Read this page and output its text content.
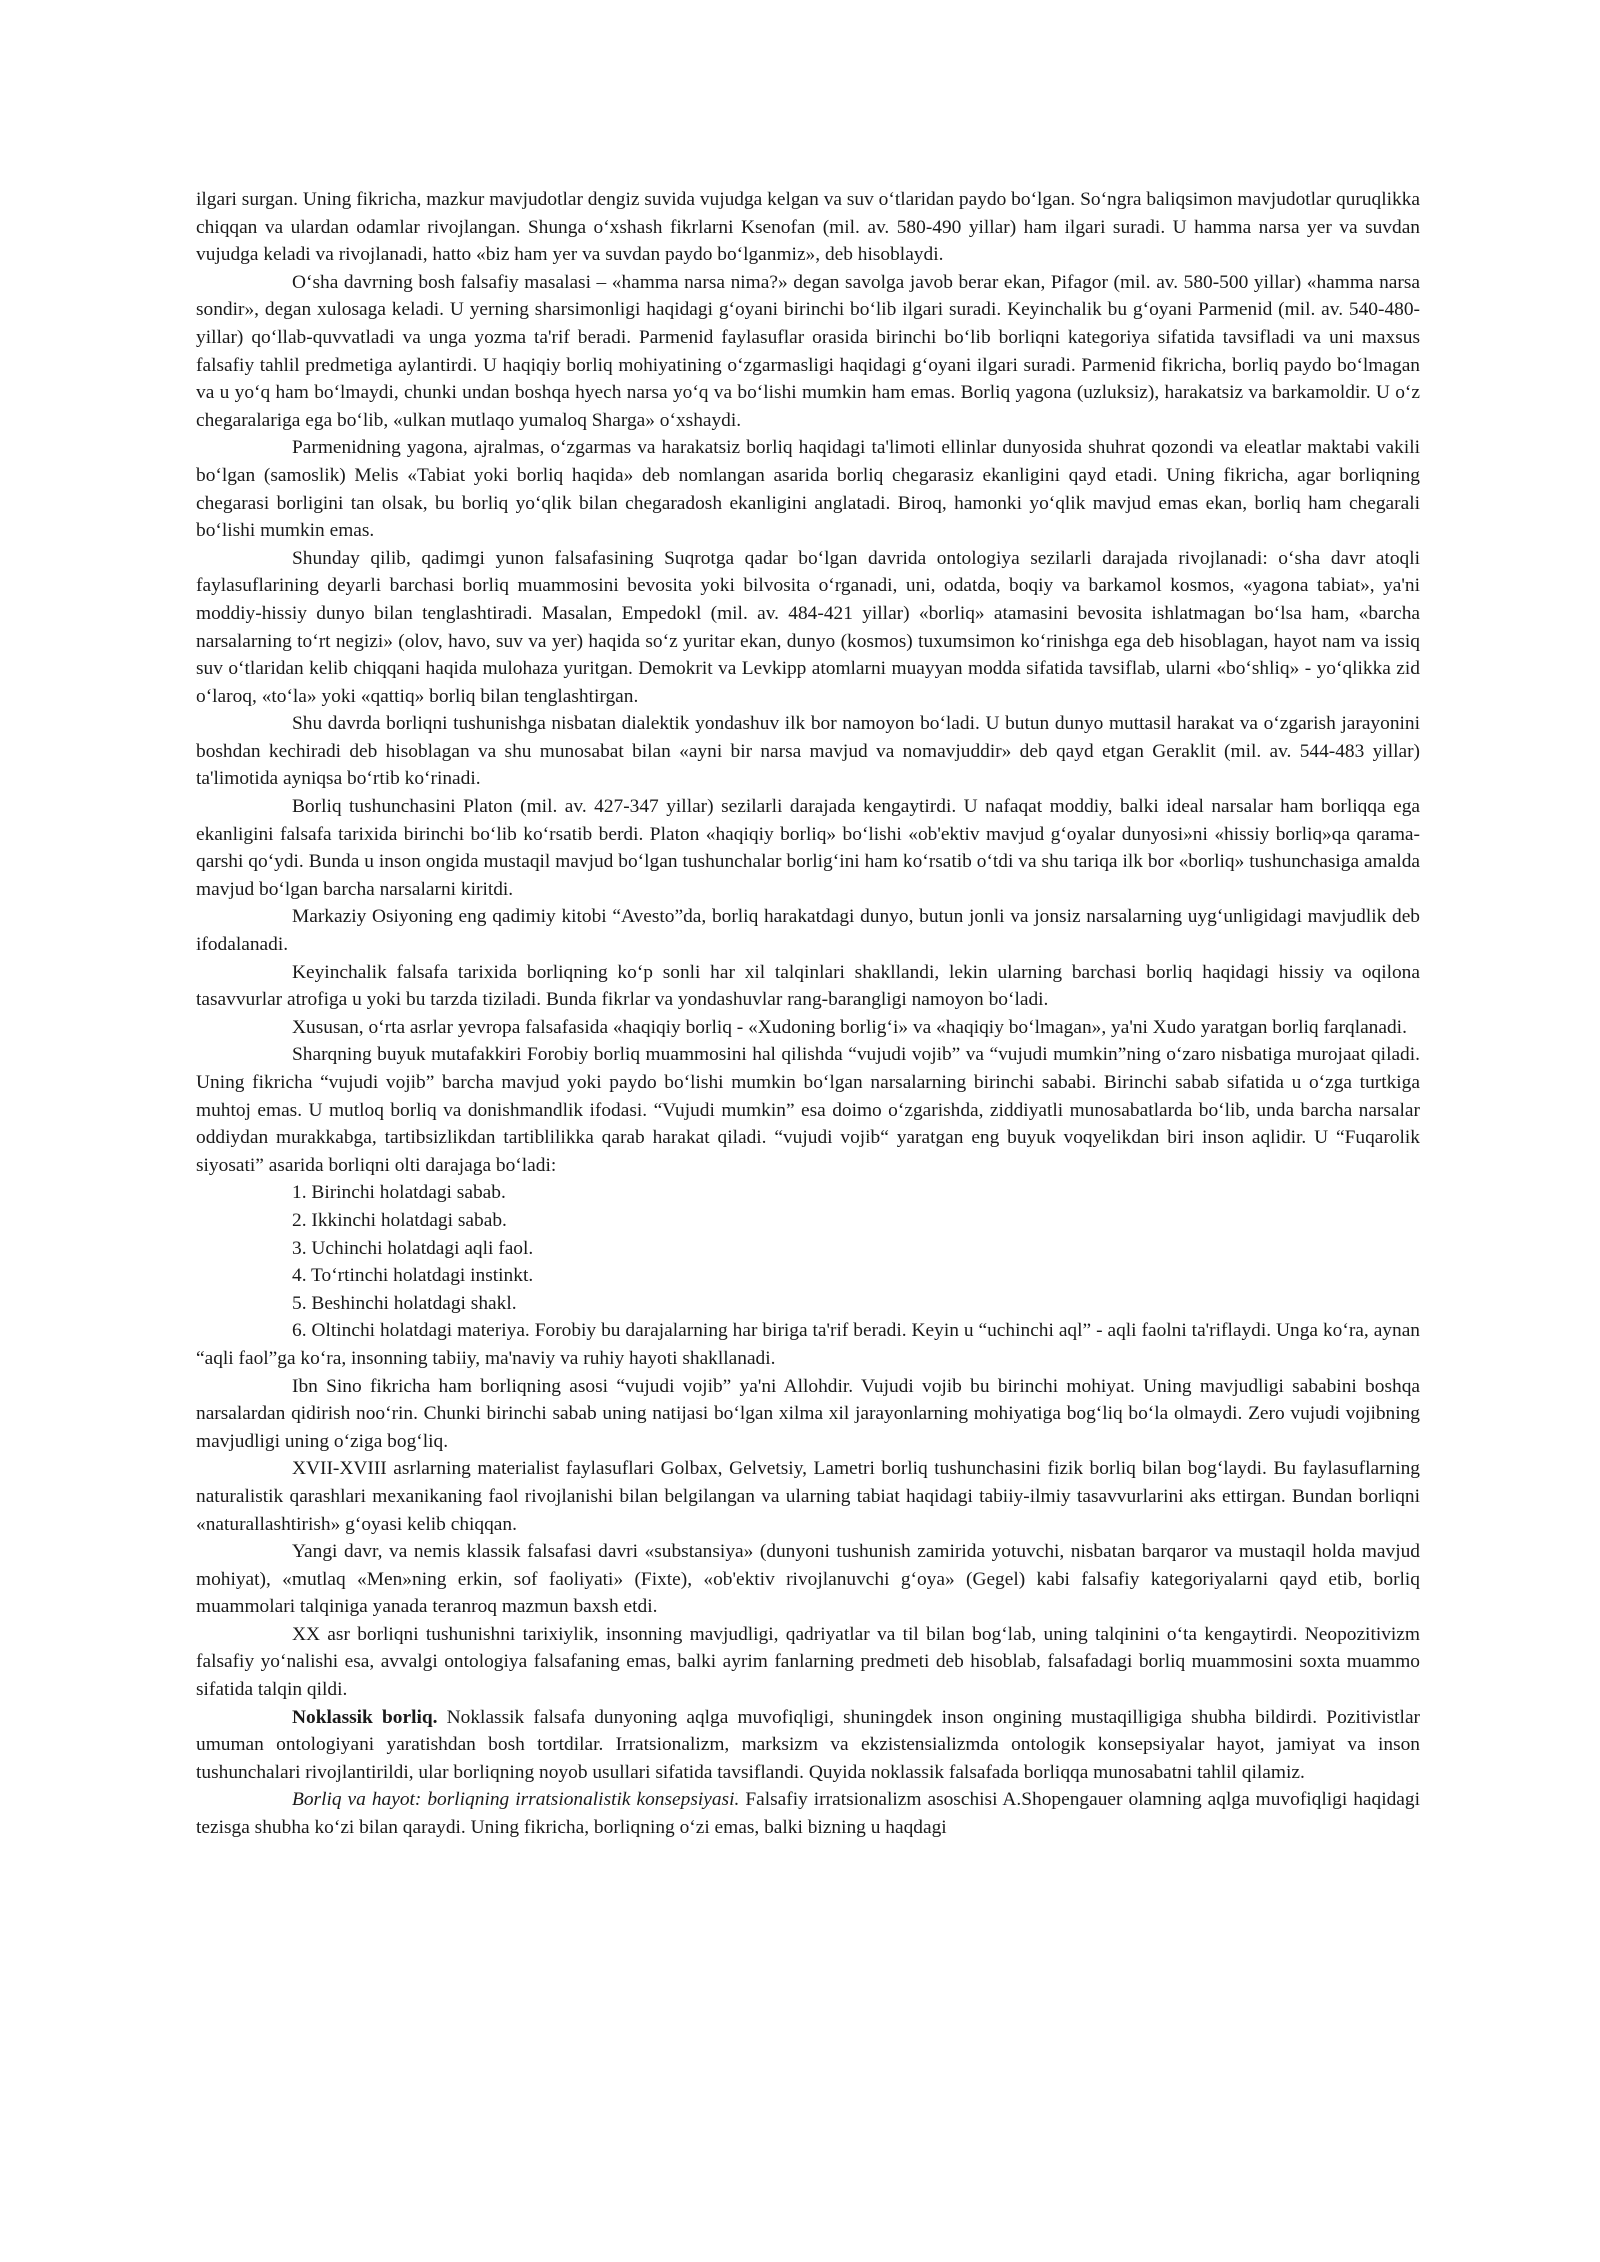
ilgari surgan. Uning fikricha, mazkur mavjudotlar dengiz suvida vujudga kelgan va suv o‘tlaridan paydo bo‘lgan. So‘ngra baliqsimon mavjudotlar quruqlikka chiqqan va ulardan odamlar rivojlangan. Shunga o‘xshash fikrlarni Ksenofan (mil. av. 580-490 yillar) ham ilgari suradi. U hamma narsa yer va suvdan vujudga keladi va rivojlanadi, hatto «biz ham yer va suvdan paydo bo‘lganmiz», deb hisoblaydi.

O‘sha davrning bosh falsafiy masalasi – «hamma narsa nima?» degan savolga javob berar ekan, Pifagor (mil. av. 580-500 yillar) «hamma narsa sondir», degan xulosaga keladi. U yerning sharsimonligi haqidagi g‘oyani birinchi bo‘lib ilgari suradi. Keyinchalik bu g‘oyani Parmenid (mil. av. 540-480-yillar) qo‘llab-quvvatladi va unga yozma ta'rif beradi. Parmenid faylasuflar orasida birinchi bo‘lib borliqni kategoriya sifatida tavsifladi va uni maxsus falsafiy tahlil predmetiga aylantirdi. U haqiqiy borliq mohiyatining o‘zgarmasligi haqidagi g‘oyani ilgari suradi. Parmenid fikricha, borliq paydo bo‘lmagan va u yo‘q ham bo‘lmaydi, chunki undan boshqa hyech narsa yo‘q va bo‘lishi mumkin ham emas. Borliq yagona (uzluksiz), harakatsiz va barkamoldir. U o‘z chegaralariga ega bo‘lib, «ulkan mutlaqo yumaloq Sharga» o‘xshaydi.

Parmenidning yagona, ajralmas, o‘zgarmas va harakatsiz borliq haqidagi ta'limoti ellinlar dunyosida shuhrat qozondi va eleatlar maktabi vakili bo‘lgan (samoslik) Melis «Tabiat yoki borliq haqida» deb nomlangan asarida borliq chegarasiz ekanligini qayd etadi. Uning fikricha, agar borliqning chegarasi borligini tan olsak, bu borliq yo‘qlik bilan chegaradosh ekanligini anglatadi. Biroq, hamonki yo‘qlik mavjud emas ekan, borliq ham chegarali bo‘lishi mumkin emas.

Shunday qilib, qadimgi yunon falsafasining Suqrotga qadar bo‘lgan davrida ontologiya sezilarli darajada rivojlanadi: o‘sha davr atoqli faylasuflarining deyarli barchasi borliq muammosini bevosita yoki bilvosita o‘rganadi, uni, odatda, boqiy va barkamol kosmos, «yagona tabiat», ya'ni moddiy-hissiy dunyo bilan tenglashtiradi. Masalan, Empedokl (mil. av. 484-421 yillar) «borliq» atamasini bevosita ishlatmagan bo‘lsa ham, «barcha narsalarning to‘rt negizi» (olov, havo, suv va yer) haqida so‘z yuritar ekan, dunyo (kosmos) tuxumsimon ko‘rinishga ega deb hisoblagan, hayot nam va issiq suv o‘tlaridan kelib chiqqani haqida mulohaza yuritgan. Demokrit va Levkipp atomlarni muayyan modda sifatida tavsiflab, ularni «bo‘shliq» - yo‘qlikka zid o‘laroq, «to‘la» yoki «qattiq» borliq bilan tenglashtirgan.

Shu davrda borliqni tushunishga nisbatan dialektik yondashuv ilk bor namoyon bo‘ladi. U butun dunyo muttasil harakat va o‘zgarish jarayonini boshdan kechiradi deb hisoblagan va shu munosabat bilan «ayni bir narsa mavjud va nomavjuddir» deb qayd etgan Geraklit (mil. av. 544-483 yillar) ta'limotida ayniqsa bo‘rtib ko‘rinadi.

Borliq tushunchasini Platon (mil. av. 427-347 yillar) sezilarli darajada kengaytirdi. U nafaqat moddiy, balki ideal narsalar ham borliqqa ega ekanligini falsafa tarixida birinchi bo‘lib ko‘rsatib berdi. Platon «haqiqiy borliq» bo‘lishi «ob'ektiv mavjud g‘oyalar dunyosi»ni «hissiy borliq»qa qarama-qarshi qo‘ydi. Bunda u inson ongida mustaqil mavjud bo‘lgan tushunchalar borlig‘ini ham ko‘rsatib o‘tdi va shu tariqa ilk bor «borliq» tushunchasiga amalda mavjud bo‘lgan barcha narsalarni kiritdi.

Markaziy Osiyoning eng qadimiy kitobi “Avesto”da, borliq harakatdagi dunyo, butun jonli va jonsiz narsalarning uyg‘unligidagi mavjudlik deb ifodalanadi.

Keyinchalik falsafa tarixida borliqning ko‘p sonli har xil talqinlari shakllandi, lekin ularning barchasi borliq haqidagi hissiy va oqilona tasavvurlar atrofiga u yoki bu tarzda tiziladi. Bunda fikrlar va yondashuvlar rang-barangligi namoyon bo‘ladi.

Xususan, o‘rta asrlar yevropa falsafasida «haqiqiy borliq - «Xudoning borlig‘i» va «haqiqiy bo‘lmagan», ya'ni Xudo yaratgan borliq farqlanadi.

Sharqning buyuk mutafakkiri Forobiy borliq muammosini hal qilishda “vujudi vojib” va “vujudi mumkin”ning o‘zaro nisbatiga murojaat qiladi. Uning fikricha “vujudi vojib” barcha mavjud yoki paydo bo‘lishi mumkin bo‘lgan narsalarning birinchi sababi. Birinchi sabab sifatida u o‘zga turtkiga muhtoj emas. U mutloq borliq va donishmandlik ifodasi. “Vujudi mumkin” esa doimo o‘zgarishda, ziddiyatli munosabatlarda bo‘lib, unda barcha narsalar oddiydan murakkabga, tartibsizlikdan tartiblilikka qarab harakat qiladi. “vujudi vojib“ yaratgan eng buyuk voqyelikdan biri inson aqlidir. U “Fuqarolik siyosati” asarida borliqni olti darajaga bo‘ladi:

1. Birinchi holatdagi sabab.

2. Ikkinchi holatdagi sabab.

3. Uchinchi holatdagi aqli faol.

4. To‘rtinchi holatdagi instinkt.

5. Beshinchi holatdagi shakl.

6. Oltinchi holatdagi materiya. Forobiy bu darajalarning har biriga ta'rif beradi. Keyin u “uchinchi aql” - aqli faolni ta'riflaydi. Unga ko‘ra, aynan “aqli faol”ga ko‘ra, insonning tabiiy, ma'naviy va ruhiy hayoti shakllanadi.

Ibn Sino fikricha ham borliqning asosi “vujudi vojib” ya'ni Allohdir. Vujudi vojib bu birinchi mohiyat. Uning mavjudligi sababini boshqa narsalardan qidirish noo‘rin. Chunki birinchi sabab uning natijasi bo‘lgan xilma xil jarayonlarning mohiyatiga bog‘liq bo‘la olmaydi. Zero vujudi vojibning mavjudligi uning o‘ziga bog‘liq.

XVII-XVIII asrlarning materialist faylasuflari Golbax, Gelvetsiy, Lametri borliq tushunchasini fizik borliq bilan bog‘laydi. Bu faylasuflarning naturalistik qarashlari mexanikaning faol rivojlanishi bilan belgilangan va ularning tabiat haqidagi tabiiy-ilmiy tasavvurlarini aks ettirgan. Bundan borliqni «naturallashtirish» g‘oyasi kelib chiqqan.

Yangi davr, va nemis klassik falsafasi davri «substansiya» (dunyoni tushunish zamirida yotuvchi, nisbatan barqaror va mustaqil holda mavjud mohiyat), «mutlaq «Men»ning erkin, sof faoliyati» (Fixte), «ob'ektiv rivojlanuvchi g‘oya» (Gegel) kabi falsafiy kategoriyalarni qayd etib, borliq muammolari talqiniga yanada teranroq mazmun baxsh etdi.

XX asr borliqni tushunishni tarixiylik, insonning mavjudligi, qadriyatlar va til bilan bog‘lab, uning talqinini o‘ta kengaytirdi. Neopozitivizm falsafiy yo‘nalishi esa, avvalgi ontologiya falsafaning emas, balki ayrim fanlarning predmeti deb hisoblab, falsafadagi borliq muammosini soxta muammo sifatida talqin qildi.

Noklassik borliq. Noklassik falsafa dunyoning aqlga muvofiqligi, shuningdek inson ongining mustaqilligiga shubha bildirdi. Pozitivistlar umuman ontologiyani yaratishdan bosh tortdilar. Irratsionalizm, marksizm va ekzistensializmda ontologik konsepsiyalar hayot, jamiyat va inson tushunchalari rivojlantirildi, ular borliqning noyob usullari sifatida tavsiflandi. Quyida noklassik falsafada borliqqa munosabatni tahlil qilamiz.

Borliq va hayot: borliqning irratsionalistik konsepsiyasi. Falsafiy irratsionalizm asoschisi A.Shopengauer olamning aqlga muvofiqligi haqidagi tezisga shubha ko‘zi bilan qaraydi. Uning fikricha, borliqning o‘zi emas, balki bizning u haqdagi
